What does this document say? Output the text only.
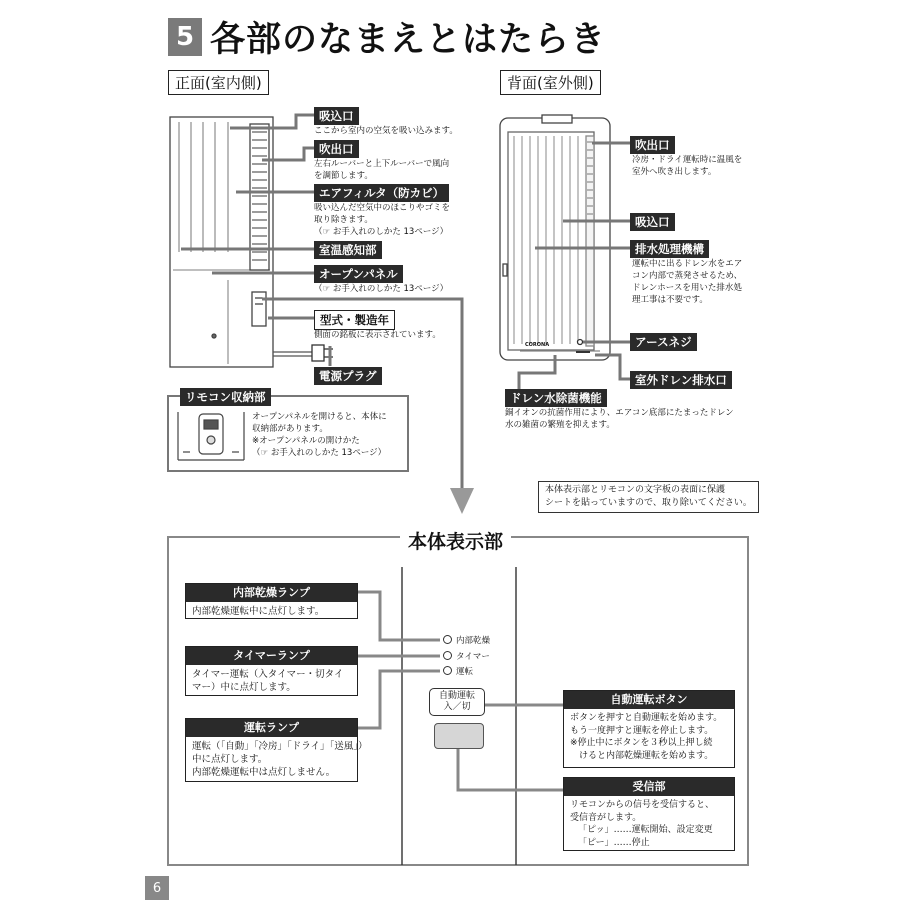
5 各部のなまえとはたらき
正面(室内側)	背面(室外側)
吸込口
ここから室内の空気を吸い込みます。
吹出口
左右ルーバーと上下ルーバーで風向
を調節します。
エアフィルタ（防カビ）
吸い込んだ空気中のほこりやゴミを
取り除きます。
（☞ お手入れのしかた 13ページ）
室温感知部
オープンパネル
（☞ お手入れのしかた 13ページ）
型式・製造年
側面の銘板に表示されています。
電源プラグ
リモコン収納部
オープンパネルを開けると、本体に
収納部があります。
※オープンパネルの開けかた
（☞ お手入れのしかた 13ページ）
CORONA
吹出口
冷房・ドライ運転時に温風を
室外へ吹き出します。
吸込口
排水処理機構
運転中に出るドレン水をエア
コン内部で蒸発させるため、
ドレンホースを用いた排水処
理工事は不要です。
アースネジ
室外ドレン排水口
ドレン水除菌機能
銅イオンの抗菌作用により、エアコン底部にたまったドレン
水の雑菌の繁殖を抑えます。
本体表示部とリモコンの文字板の表面に保護
シートを貼っていますので、取り除いてください。
本体表示部
内部乾燥
タイマー
運転
自動運転
入／切
内部乾燥ランプ
内部乾燥運転中に点灯します。
タイマーランプ
タイマー運転（入タイマー・切タイ
マー）中に点灯します。
運転ランプ
運転（「自動」「冷房」「ドライ」「送風」）
中に点灯します。
内部乾燥運転中は点灯しません。
自動運転ボタン
ボタンを押すと自動運転を始めます。
もう一度押すと運転を停止します。
※停止中にボタンを３秒以上押し続
　けると内部乾燥運転を始めます。
受信部
リモコンからの信号を受信すると、
受信音がします。
「ピッ」……運転開始、設定変更
「ピー」……停止
6
